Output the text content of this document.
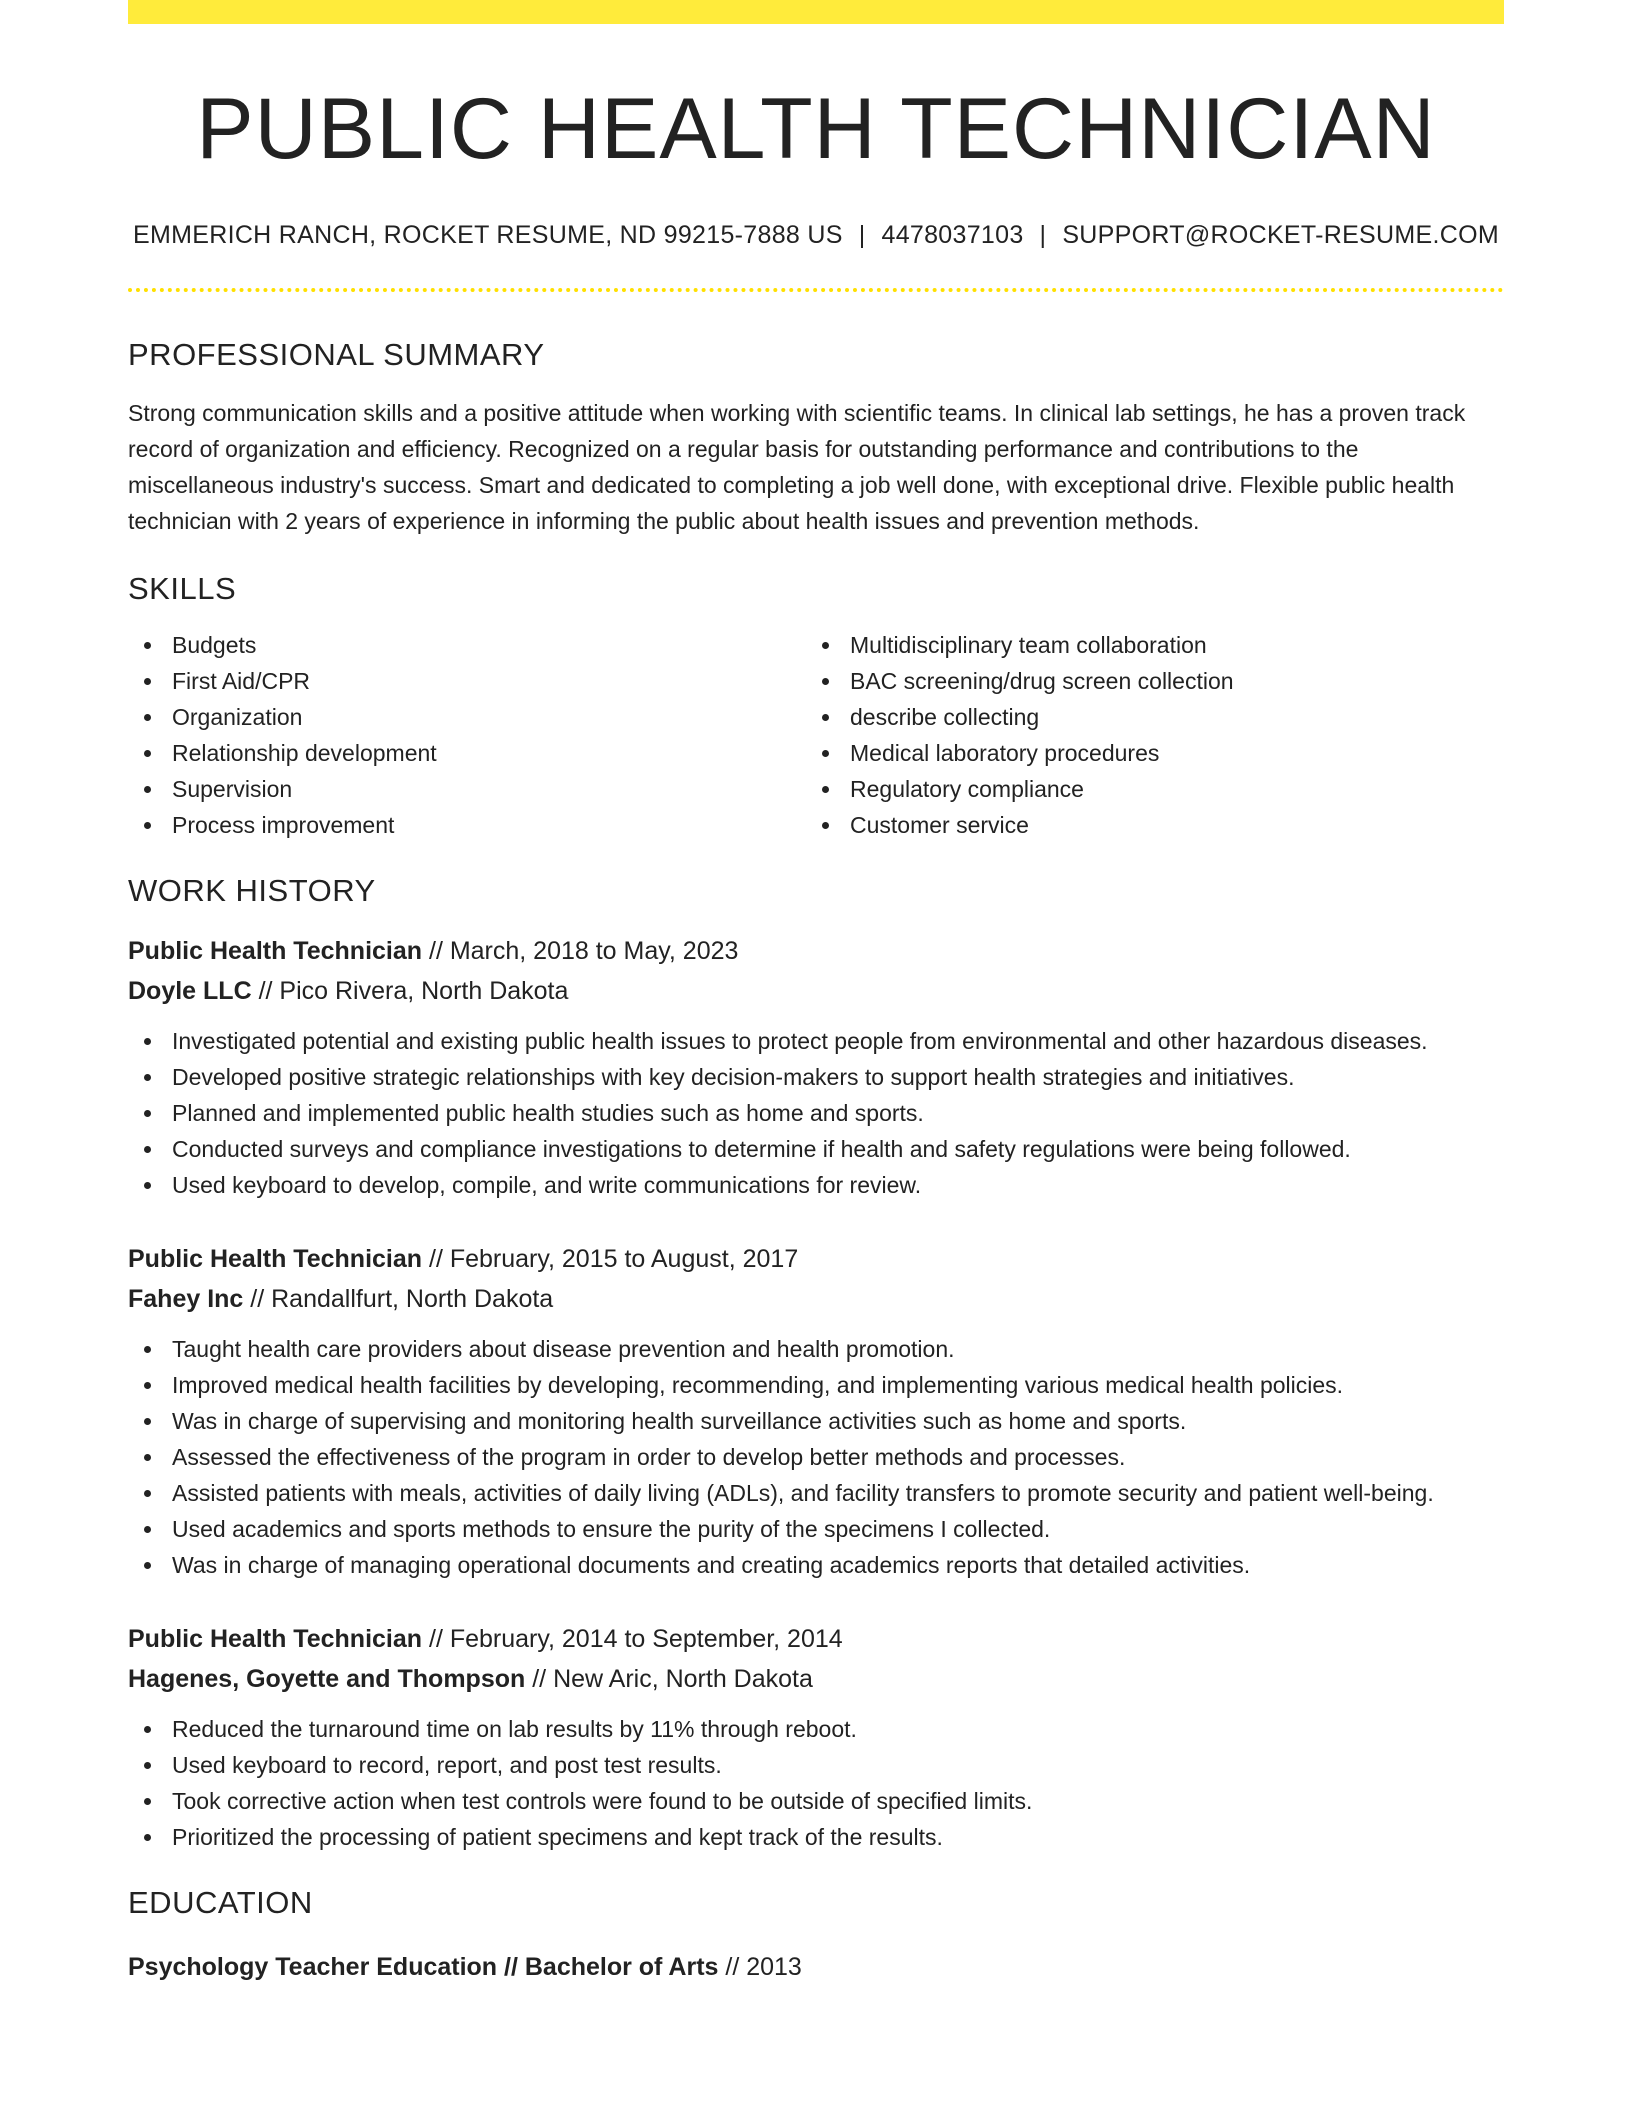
PUBLIC HEALTH TECHNICIAN
EMMERICH RANCH, ROCKET RESUME, ND 99215-7888 US | 4478037103 | SUPPORT@ROCKET-RESUME.COM
PROFESSIONAL SUMMARY
Strong communication skills and a positive attitude when working with scientific teams. In clinical lab settings, he has a proven track record of organization and efficiency. Recognized on a regular basis for outstanding performance and contributions to the miscellaneous industry's success. Smart and dedicated to completing a job well done, with exceptional drive. Flexible public health technician with 2 years of experience in informing the public about health issues and prevention methods.
SKILLS
Budgets
First Aid/CPR
Organization
Relationship development
Supervision
Process improvement
Multidisciplinary team collaboration
BAC screening/drug screen collection
describe collecting
Medical laboratory procedures
Regulatory compliance
Customer service
WORK HISTORY
Public Health Technician // March, 2018 to May, 2023
Doyle LLC // Pico Rivera, North Dakota
Investigated potential and existing public health issues to protect people from environmental and other hazardous diseases.
Developed positive strategic relationships with key decision-makers to support health strategies and initiatives.
Planned and implemented public health studies such as home and sports.
Conducted surveys and compliance investigations to determine if health and safety regulations were being followed.
Used keyboard to develop, compile, and write communications for review.
Public Health Technician // February, 2015 to August, 2017
Fahey Inc // Randallfurt, North Dakota
Taught health care providers about disease prevention and health promotion.
Improved medical health facilities by developing, recommending, and implementing various medical health policies.
Was in charge of supervising and monitoring health surveillance activities such as home and sports.
Assessed the effectiveness of the program in order to develop better methods and processes.
Assisted patients with meals, activities of daily living (ADLs), and facility transfers to promote security and patient well-being.
Used academics and sports methods to ensure the purity of the specimens I collected.
Was in charge of managing operational documents and creating academics reports that detailed activities.
Public Health Technician // February, 2014 to September, 2014
Hagenes, Goyette and Thompson // New Aric, North Dakota
Reduced the turnaround time on lab results by 11% through reboot.
Used keyboard to record, report, and post test results.
Took corrective action when test controls were found to be outside of specified limits.
Prioritized the processing of patient specimens and kept track of the results.
EDUCATION
Psychology Teacher Education // Bachelor of Arts // 2013
